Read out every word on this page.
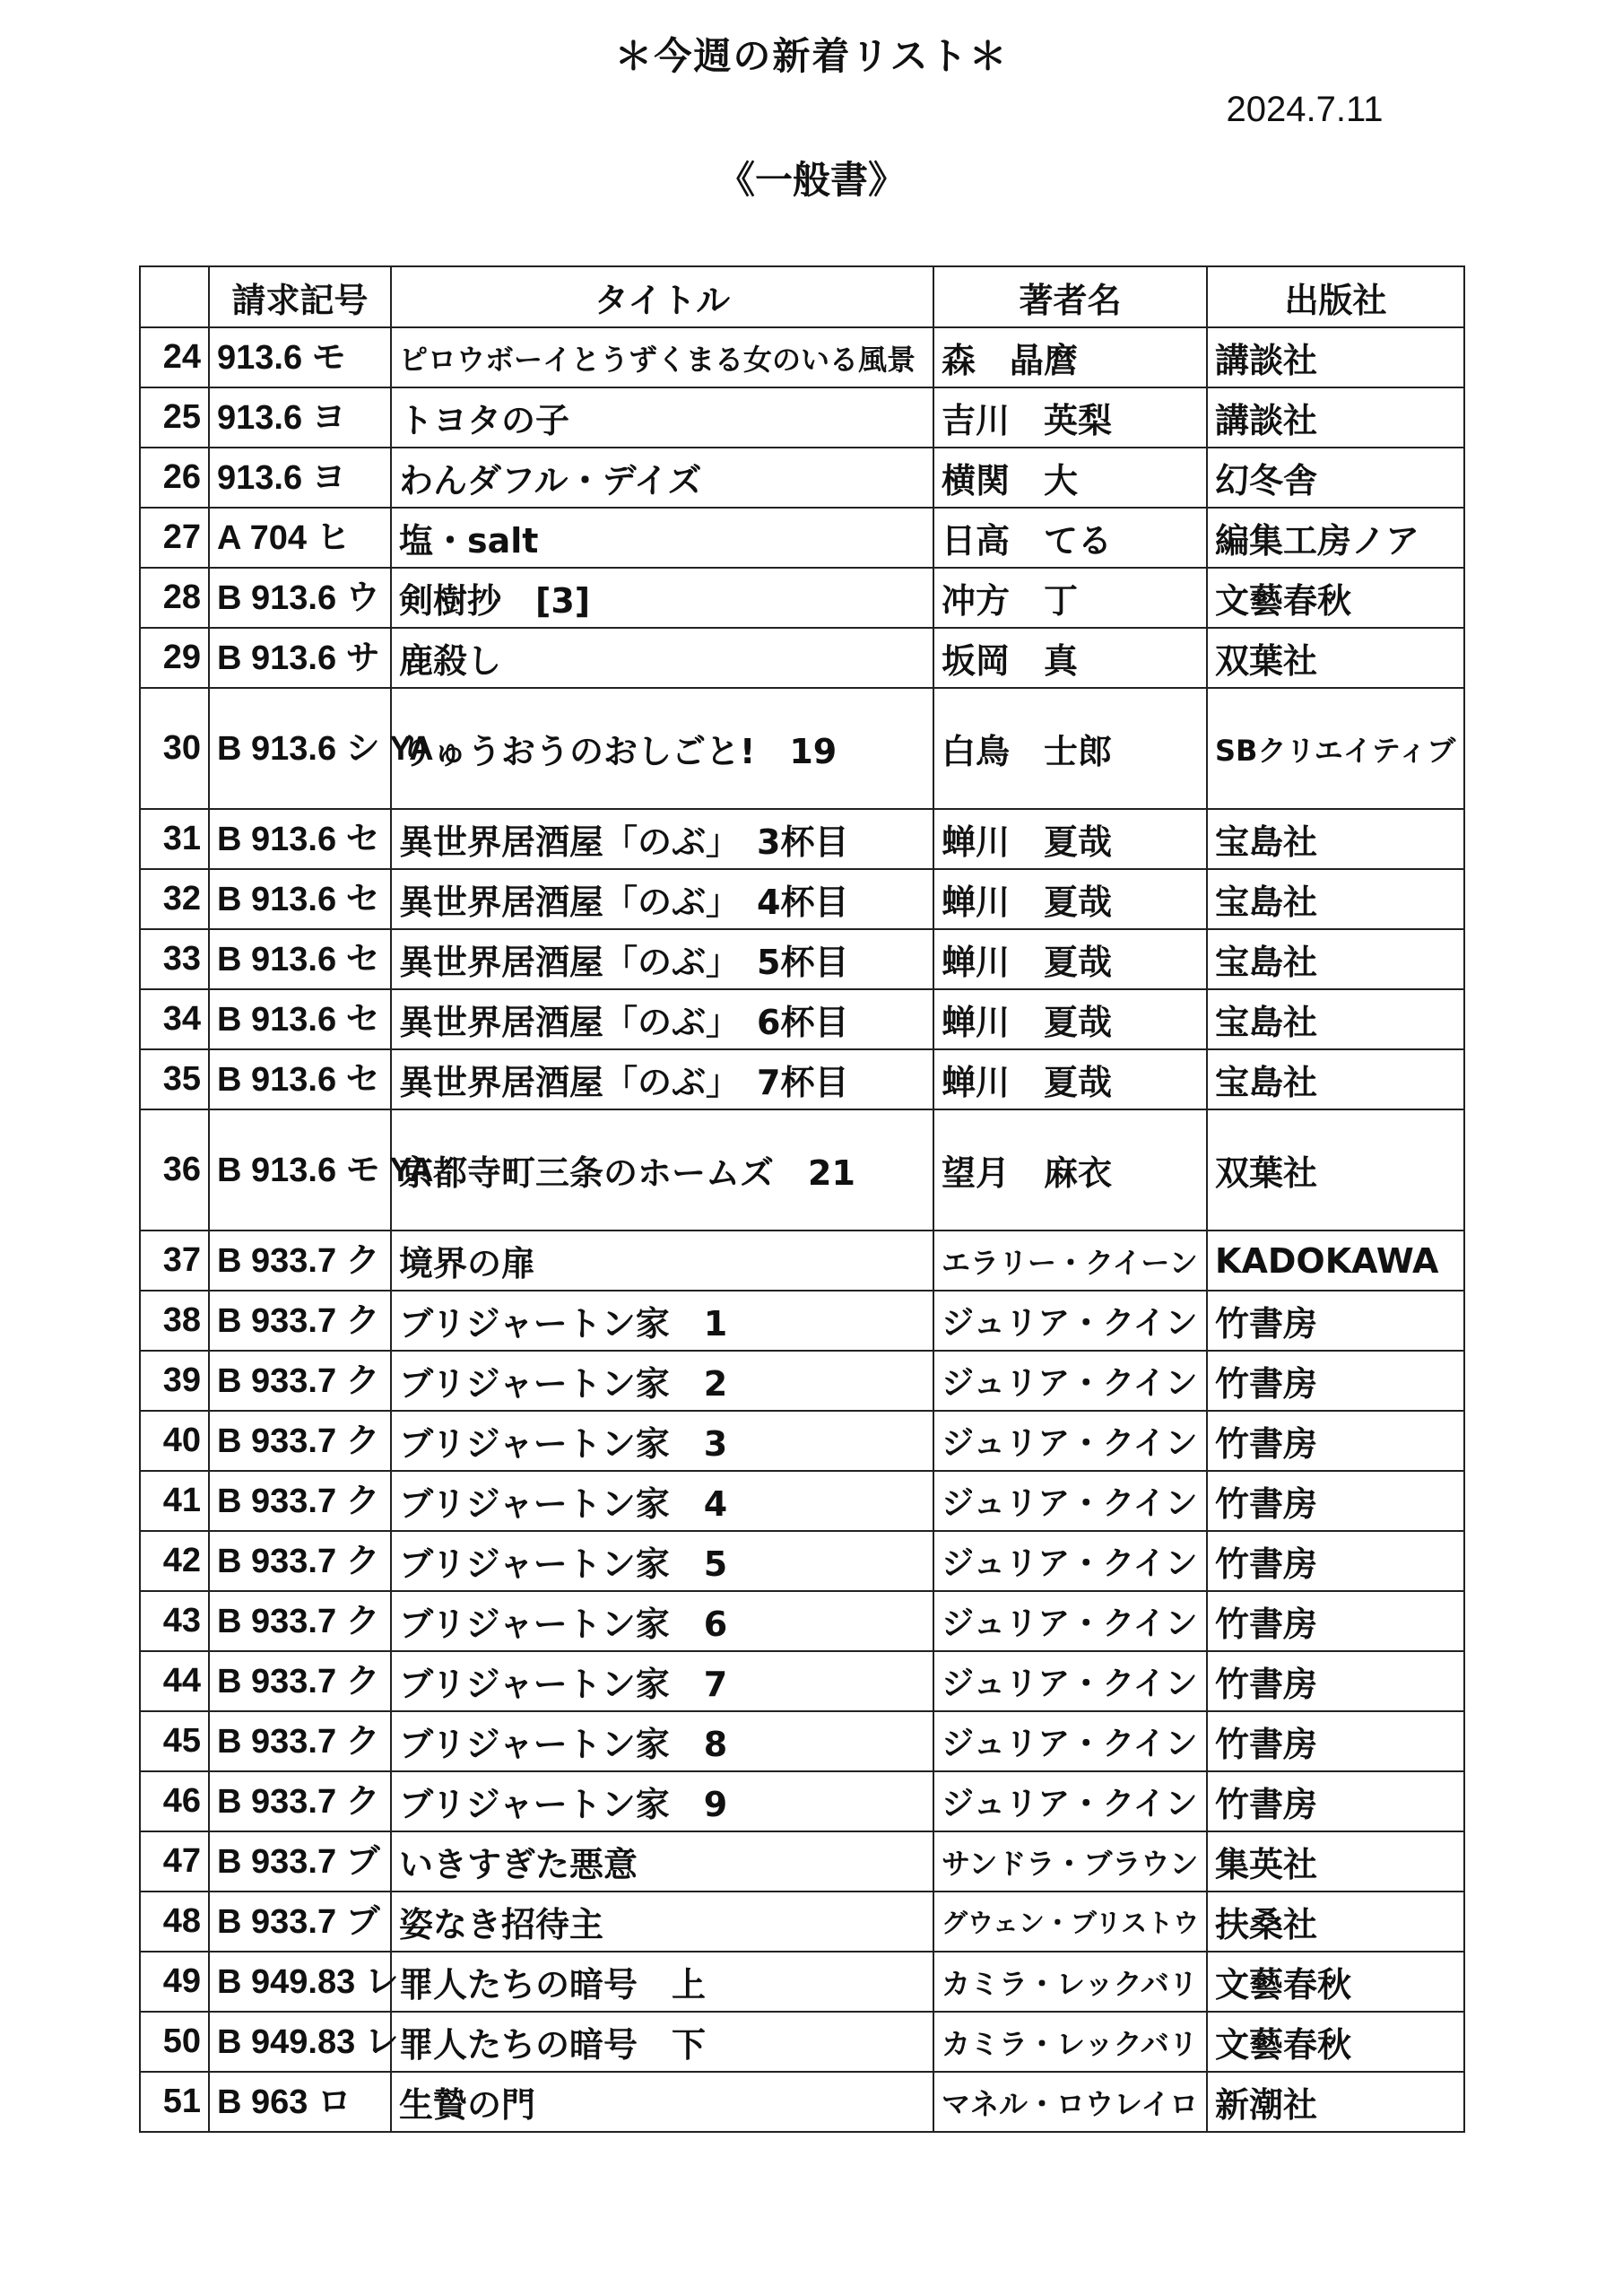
＊今週の新着リスト＊
2024.7.11
《一般書》
	請求記号	タイトル	著者名	出版社
24	913.6 モ	ピロウボーイとうずくまる女のいる風景	森　晶麿	講談社
25	913.6 ヨ	トヨタの子	吉川　英梨	講談社
26	913.6 ヨ	わんダフル・デイズ	横関　大	幻冬舎
27	A 704 ヒ	塩・salt	日高　てる	編集工房ノア
28	B 913.6 ウ	剣樹抄　[3]	冲方　丁	文藝春秋
29	B 913.6 サ	鹿殺し	坂岡　真	双葉社
30	B 913.6 シ YA	りゅうおうのおしごと!　19	白鳥　士郎	SBクリエイティブ
31	B 913.6 セ	異世界居酒屋「のぶ」　3杯目	蝉川　夏哉	宝島社
32	B 913.6 セ	異世界居酒屋「のぶ」　4杯目	蝉川　夏哉	宝島社
33	B 913.6 セ	異世界居酒屋「のぶ」　5杯目	蝉川　夏哉	宝島社
34	B 913.6 セ	異世界居酒屋「のぶ」　6杯目	蝉川　夏哉	宝島社
35	B 913.6 セ	異世界居酒屋「のぶ」　7杯目	蝉川　夏哉	宝島社
36	B 913.6 モ YA	京都寺町三条のホームズ　21	望月　麻衣	双葉社
37	B 933.7 ク	境界の扉	エラリー・クイーン	KADOKAWA
38	B 933.7 ク	ブリジャートン家　1	ジュリア・クイン	竹書房
39	B 933.7 ク	ブリジャートン家　2	ジュリア・クイン	竹書房
40	B 933.7 ク	ブリジャートン家　3	ジュリア・クイン	竹書房
41	B 933.7 ク	ブリジャートン家　4	ジュリア・クイン	竹書房
42	B 933.7 ク	ブリジャートン家　5	ジュリア・クイン	竹書房
43	B 933.7 ク	ブリジャートン家　6	ジュリア・クイン	竹書房
44	B 933.7 ク	ブリジャートン家　7	ジュリア・クイン	竹書房
45	B 933.7 ク	ブリジャートン家　8	ジュリア・クイン	竹書房
46	B 933.7 ク	ブリジャートン家　9	ジュリア・クイン	竹書房
47	B 933.7 ブ	いきすぎた悪意	サンドラ・ブラウン	集英社
48	B 933.7 ブ	姿なき招待主	グウェン・ブリストウ	扶桑社
49	B 949.83 レ	罪人たちの暗号　上	カミラ・レックバリ	文藝春秋
50	B 949.83 レ	罪人たちの暗号　下	カミラ・レックバリ	文藝春秋
51	B 963 ロ	生贄の門	マネル・ロウレイロ	新潮社
